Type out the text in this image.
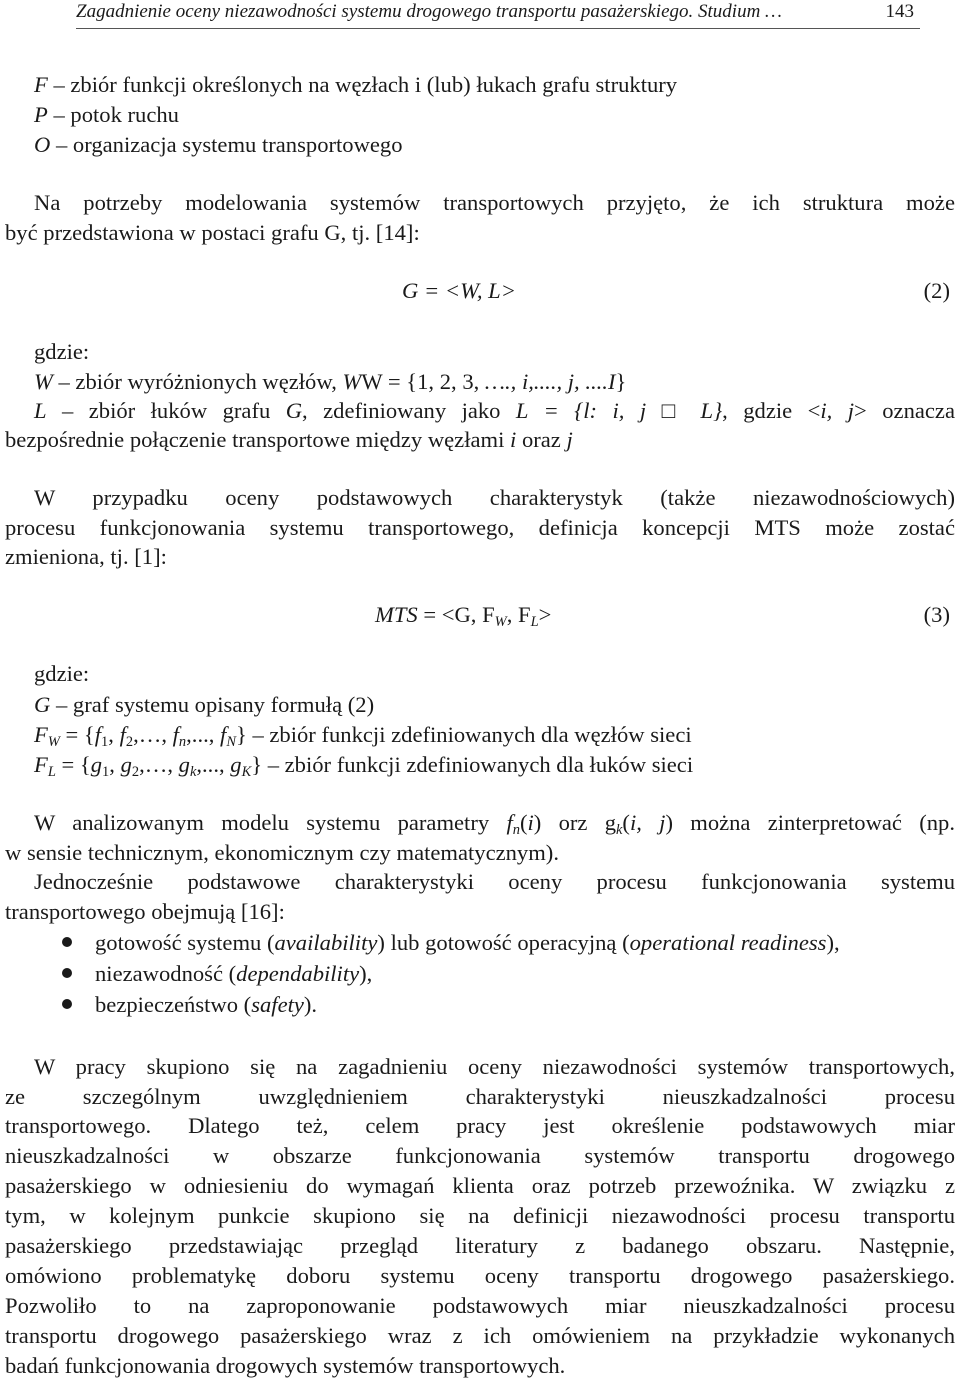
Zagadnienie oceny niezawodności systemu drogowego transportu pasażerskiego. Studium …	143
F – zbiór funkcji określonych na węzłach i (lub) łukach grafu struktury
P – potok ruchu
O – organizacja systemu transportowego
Na potrzeby modelowania systemów transportowych przyjęto, że ich struktura może
być przedstawiona w postaci grafu G, tj. [14]:
G = <W, L>	(2)
gdzie:
W – zbiór wyróżnionych węzłów, WW = {1, 2, 3, …., i,...., j, ....I}
L – zbiór łuków grafu G, zdefiniowany jako L = {l: i, j □ L}, gdzie <i, j> oznacza
bezpośrednie połączenie transportowe między węzłami i oraz j
W przypadku oceny podstawowych charakterystyk (także niezawodnościowych)
procesu funkcjonowania systemu transportowego, definicja koncepcji MTS może zostać
zmieniona, tj. [1]:
MTS = <G, $F_W$, $F_L>$	(3)
gdzie:
G – graf systemu opisany formułą (2)
$F_W = \{f_1$, $f_2,\dots$, $f_n$,..., $f_N$} – zbiór funkcji zdefiniowanych dla węzłów sieci
$F_L = \{g_1$, $g_2,\dots$, $g_k$,..., $g_K$} – zbiór funkcji zdefiniowanych dla łuków sieci
W analizowanym modelu systemu parametry $f_n(i)$ orz $g_k(i$, j) można zinterpretować (np.
w sensie technicznym, ekonomicznym czy matematycznym).
Jednocześnie podstawowe charakterystyki oceny procesu funkcjonowania systemu
transportowego obejmują [16]:
gotowość systemu (availability) lub gotowość operacyjną (operational readiness),
niezawodność (dependability),
bezpieczeństwo (safety).
W pracy skupiono się na zagadnieniu oceny niezawodności systemów transportowych,
ze szczególnym uwzględnieniem charakterystyki nieuszkadzalności procesu
transportowego. Dlatego też, celem pracy jest określenie podstawowych miar
nieuszkadzalności w obszarze funkcjonowania systemów transportu drogowego
pasażerskiego w odniesieniu do wymagań klienta oraz potrzeb przewoźnika. W związku z
tym, w kolejnym punkcie skupiono się na definicji niezawodności procesu transportu
pasażerskiego przedstawiając przegląd literatury z badanego obszaru. Następnie,
omówiono problematykę doboru systemu oceny transportu drogowego pasażerskiego.
Pozwoliło to na zaproponowanie podstawowych miar nieuszkadzalności procesu
transportu drogowego pasażerskiego wraz z ich omówieniem na przykładzie wykonanych
badań funkcjonowania drogowych systemów transportowych.
